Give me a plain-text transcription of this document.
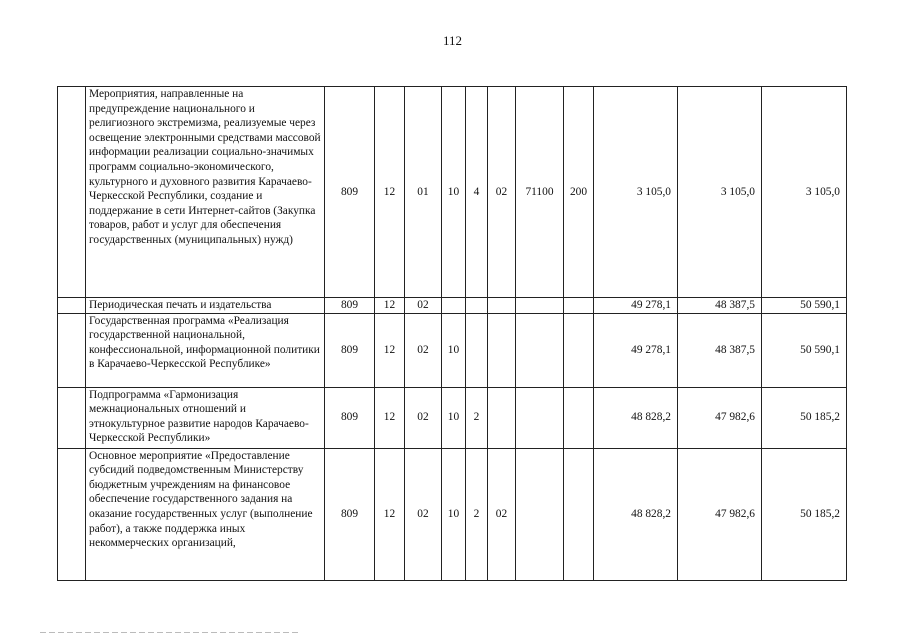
112
	Мероприятия, направленные на предупреждение национального и религиозного экстремизма, реализуемые через освещение электронными средствами массовой информации реализации социально-значимых программ социально-экономического, культурного и духовного развития Карачаево-Черкесской Республики, создание и поддержание в сети Интернет-сайтов (Закупка товаров, работ и услуг для обеспечения государственных (муниципальных) нужд)	809	12	01	10	4	02	71100	200	3 105,0	3 105,0	3 105,0
	Периодическая печать и издательства	809	12	02						49 278,1	48 387,5	50 590,1
	Государственная программа «Реализация государственной национальной, конфессиональной, информационной политики в Карачаево-Черкесской Республике»	809	12	02	10					49 278,1	48 387,5	50 590,1
	Подпрограмма «Гармонизация межнациональных отношений и этнокультурное развитие народов Карачаево-Черкесской Республики»	809	12	02	10	2				48 828,2	47 982,6	50 185,2
	Основное мероприятие «Предоставление субсидий подведомственным Министерству бюджетным учреждениям на финансовое обеспечение государственного задания на оказание государственных услуг (выполнение работ), а также поддержка иных некоммерческих организаций,	809	12	02	10	2	02			48 828,2	47 982,6	50 185,2
